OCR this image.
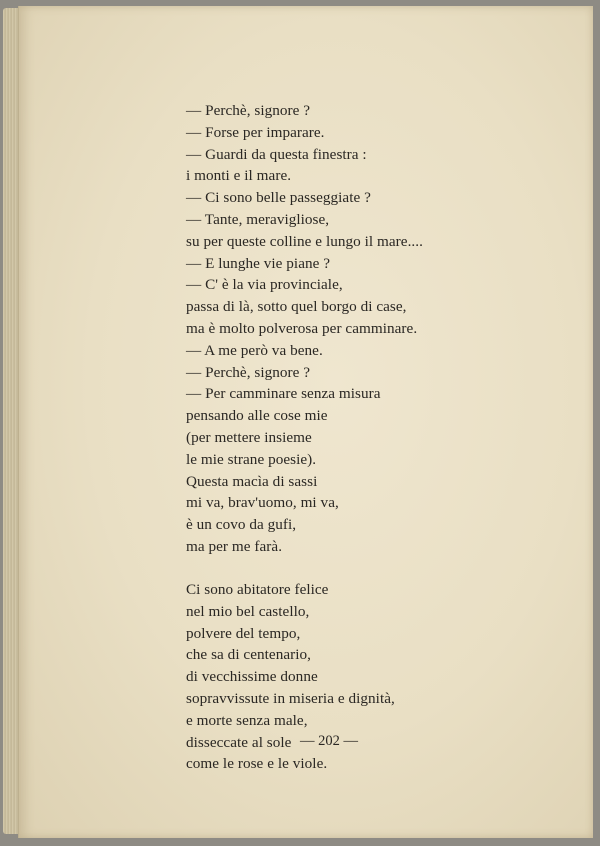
— Perchè, signore ?
— Forse per imparare.
— Guardi da questa finestra :
i monti e il mare.
— Ci sono belle passeggiate ?
— Tante, meravigliose,
su per queste colline e lungo il mare....
— E lunghe vie piane ?
— C' è la via provinciale,
passa di là, sotto quel borgo di case,
ma è molto polverosa per camminare.
— A me però va bene.
— Perchè, signore ?
— Per camminare senza misura
pensando alle cose mie
(per mettere insieme
le mie strane poesie).
Questa macìa di sassi
mi va, brav'uomo, mi va,
è un covo da gufi,
ma per me farà.
Ci sono abitatore felice
nel mio bel castello,
polvere del tempo,
che sa di centenario,
di vecchissime donne
sopravvissute in miseria e dignità,
e morte senza male,
disseccate al sole
come le rose e le viole.
— 202 —
